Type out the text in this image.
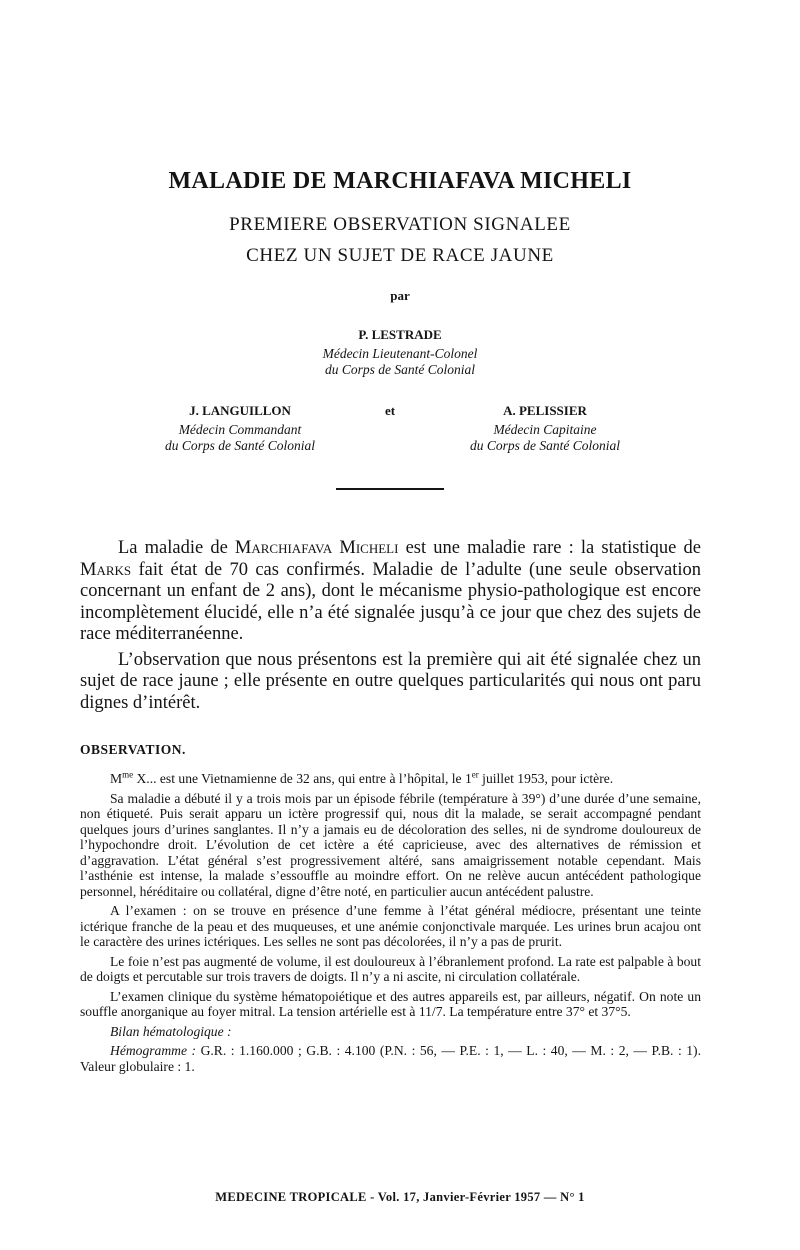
MALADIE DE MARCHIAFAVA MICHELI
PREMIERE OBSERVATION SIGNALEE
CHEZ UN SUJET DE RACE JAUNE
par
P. LESTRADE
Médecin Lieutenant-Colonel
du Corps de Santé Colonial
J. LANGUILLON
Médecin Commandant
du Corps de Santé Colonial
et	A. PELISSIER
Médecin Capitaine
du Corps de Santé Colonial

La maladie de Marchiafava Micheli est une maladie rare : la statistique de Marks fait état de 70 cas confirmés. Maladie de l’adulte (une seule observation concernant un enfant de 2 ans), dont le mécanisme physio-pathologique est encore incomplètement élucidé, elle n’a été signalée jusqu’à ce jour que chez des sujets de race méditerranéenne.

L’observation que nous présentons est la première qui ait été signalée chez un sujet de race jaune ; elle présente en outre quelques particularités qui nous ont paru dignes d’intérêt.

OBSERVATION.

$M^{me}$ X... est une Vietnamienne de 32 ans, qui entre à l’hôpital, le 1er juillet 1953, pour ictère.

Sa maladie a débuté il y a trois mois par un épisode fébrile (température à 39°) d’une durée d’une semaine, non étiqueté. Puis serait apparu un ictère progressif qui, nous dit la malade, se serait accompagné pendant quelques jours d’urines sanglantes. Il n’y a jamais eu de décoloration des selles, ni de syndrome douloureux de l’hypochondre droit. L’évolution de cet ictère a été capricieuse, avec des alternatives de rémission et d’aggravation. L’état général s’est progressivement altéré, sans amaigrissement notable cependant. Mais l’asthénie est intense, la malade s’essouffle au moindre effort. On ne relève aucun antécédent pathologique personnel, héréditaire ou collatéral, digne d’être noté, en particulier aucun antécédent palustre.

A l’examen : on se trouve en présence d’une femme à l’état général médiocre, présentant une teinte ictérique franche de la peau et des muqueuses, et une anémie conjonctivale marquée. Les urines brun acajou ont le caractère des urines ictériques. Les selles ne sont pas décolorées, il n’y a pas de prurit.

Le foie n’est pas augmenté de volume, il est douloureux à l’ébranlement profond. La rate est palpable à bout de doigts et percutable sur trois travers de doigts. Il n’y a ni ascite, ni circulation collatérale.

L’examen clinique du système hématopoiétique et des autres appareils est, par ailleurs, négatif. On note un souffle anorganique au foyer mitral. La tension artérielle est à 11/7. La température entre 37° et 37°5.

Bilan hématologique :

Hémogramme : G.R. : 1.160.000 ; G.B. : 4.100 (P.N. : 56, — P.E. : 1, — L. : 40, — M. : 2, — P.B. : 1). Valeur globulaire : 1.

MEDECINE TROPICALE - Vol. 17, Janvier-Février 1957 — N° 1
